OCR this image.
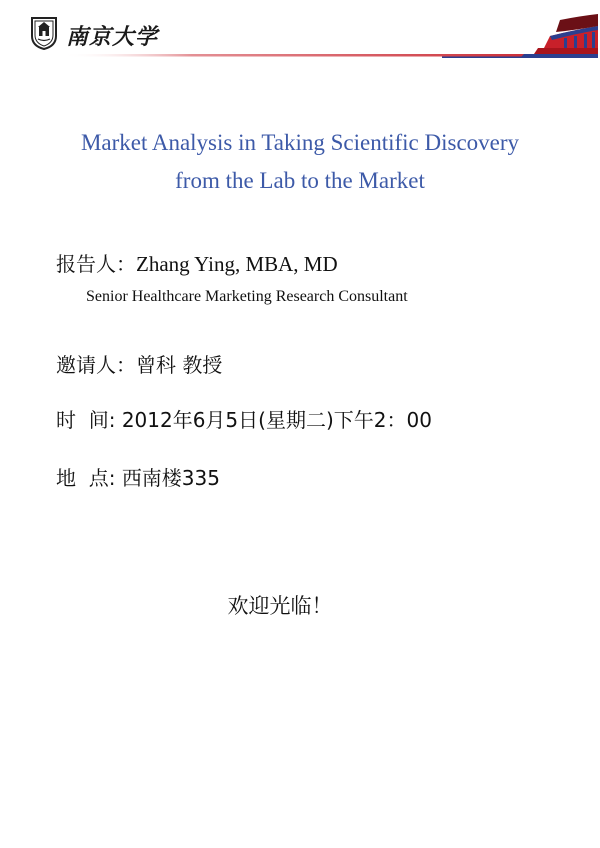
南京大学
Market Analysis in Taking Scientific Discovery
from the Lab to the Market
报告人：Zhang Ying, MBA, MD
Senior Healthcare Marketing Research Consultant
邀请人：曾科 教授
时  间: 2012年6月5日(星期二)下午2：00
地  点: 西南楼335
欢迎光临！
